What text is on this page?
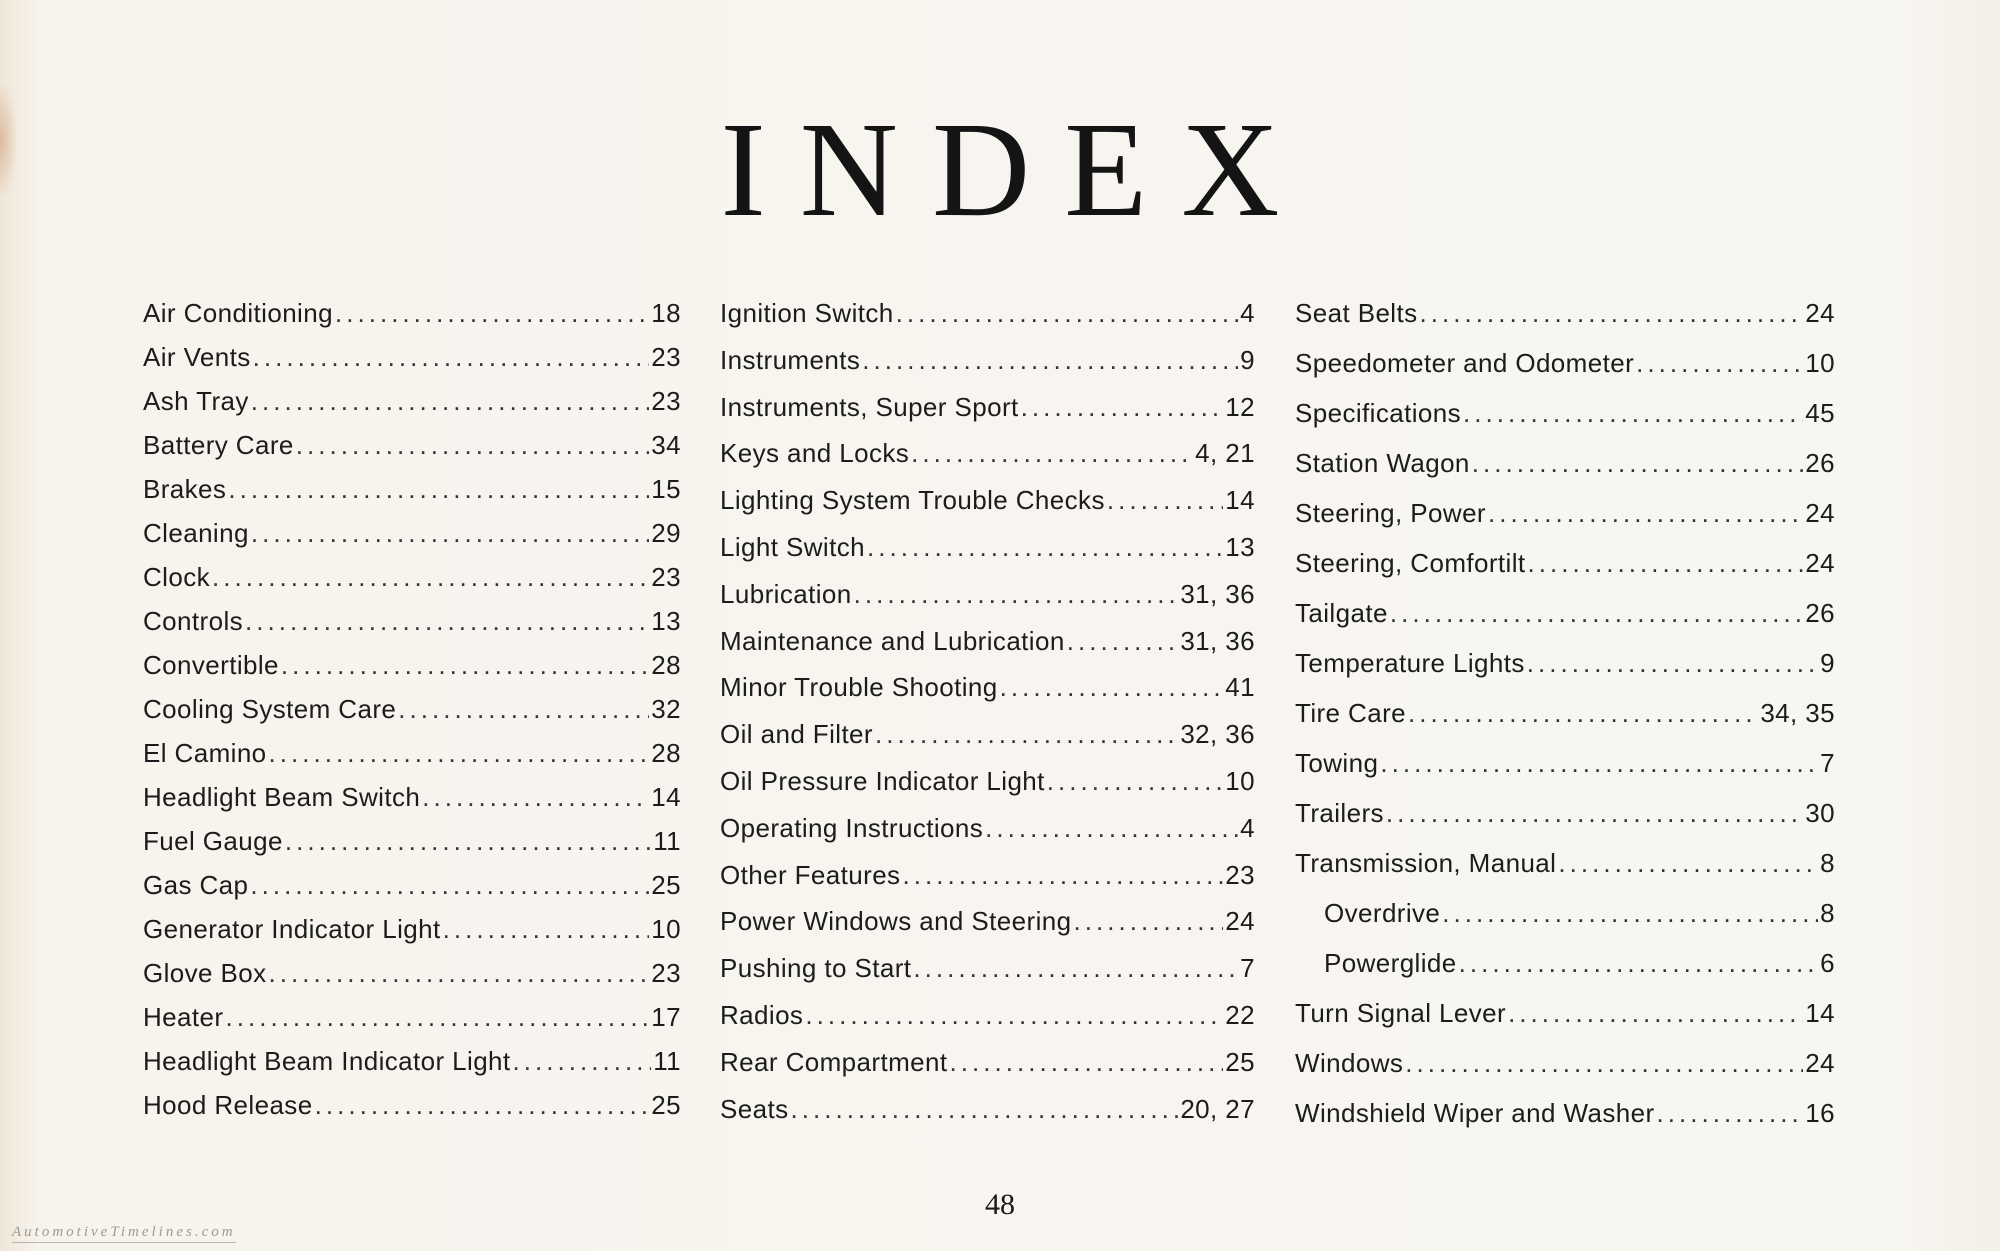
INDEX
Air Conditioning . . .	18
Air Vents . . .	23
Ash Tray . . .	23
Battery Care . . .	34
Brakes . . .	15
Cleaning . . .	29
Clock . . .	23
Controls . . .	13
Convertible . . .	28
Cooling System Care . . .	32
El Camino . . .	28
Headlight Beam Switch . . .	14
Fuel Gauge . . .	11
Gas Cap . . .	25
Generator Indicator Light . . .	10
Glove Box . . .	23
Heater . . .	17
Headlight Beam Indicator Light . . .	11
Hood Release . . .	25
Ignition Switch . . .	4
Instruments . . .	9
Instruments, Super Sport . . .	12
Keys and Locks . . .	4, 21
Lighting System Trouble Checks . . .	14
Light Switch . . .	13
Lubrication . . .	31, 36
Maintenance and Lubrication . . .	31, 36
Minor Trouble Shooting . . .	41
Oil and Filter . . .	32, 36
Oil Pressure Indicator Light . . .	10
Operating Instructions . . .	4
Other Features . . .	23
Power Windows and Steering . . .	24
Pushing to Start . . .	7
Radios . . .	22
Rear Compartment . . .	25
Seats . . .	20, 27
Seat Belts . . .	24
Speedometer and Odometer . . .	10
Specifications . . .	45
Station Wagon . . .	26
Steering, Power . . .	24
Steering, Comfortilt . . .	24
Tailgate . . .	26
Temperature Lights . . .	9
Tire Care . . .	34, 35
Towing . . .	7
Trailers . . .	30
Transmission, Manual . . .	8
Overdrive . . .	8
Powerglide . . .	6
Turn Signal Lever . . .	14
Windows . . .	24
Windshield Wiper and Washer . . .	16
48
AutomotiveTimelines.com
